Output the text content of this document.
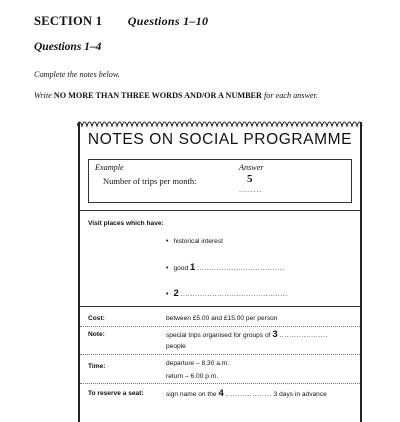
SECTION 1 Questions 1–10
Questions 1–4
Complete the notes below.
Write NO MORE THAN THREE WORDS AND/OR A NUMBER for each answer.
NOTES ON SOCIAL PROGRAMME
Example
Number of trips per month:
Answer
5
........
Visit places which have:
• historical interest
• good 1 ....................................
• 2 ............................................
Cost:	between £5.00 and £15.00 per person
Note:	special trips organised for groups of 3 ....................
people
Time:	departure – 8.30 a.m.
return – 6.00 p.m.
To reserve a seat:	sign name on the 4 ................... 3 days in advance
